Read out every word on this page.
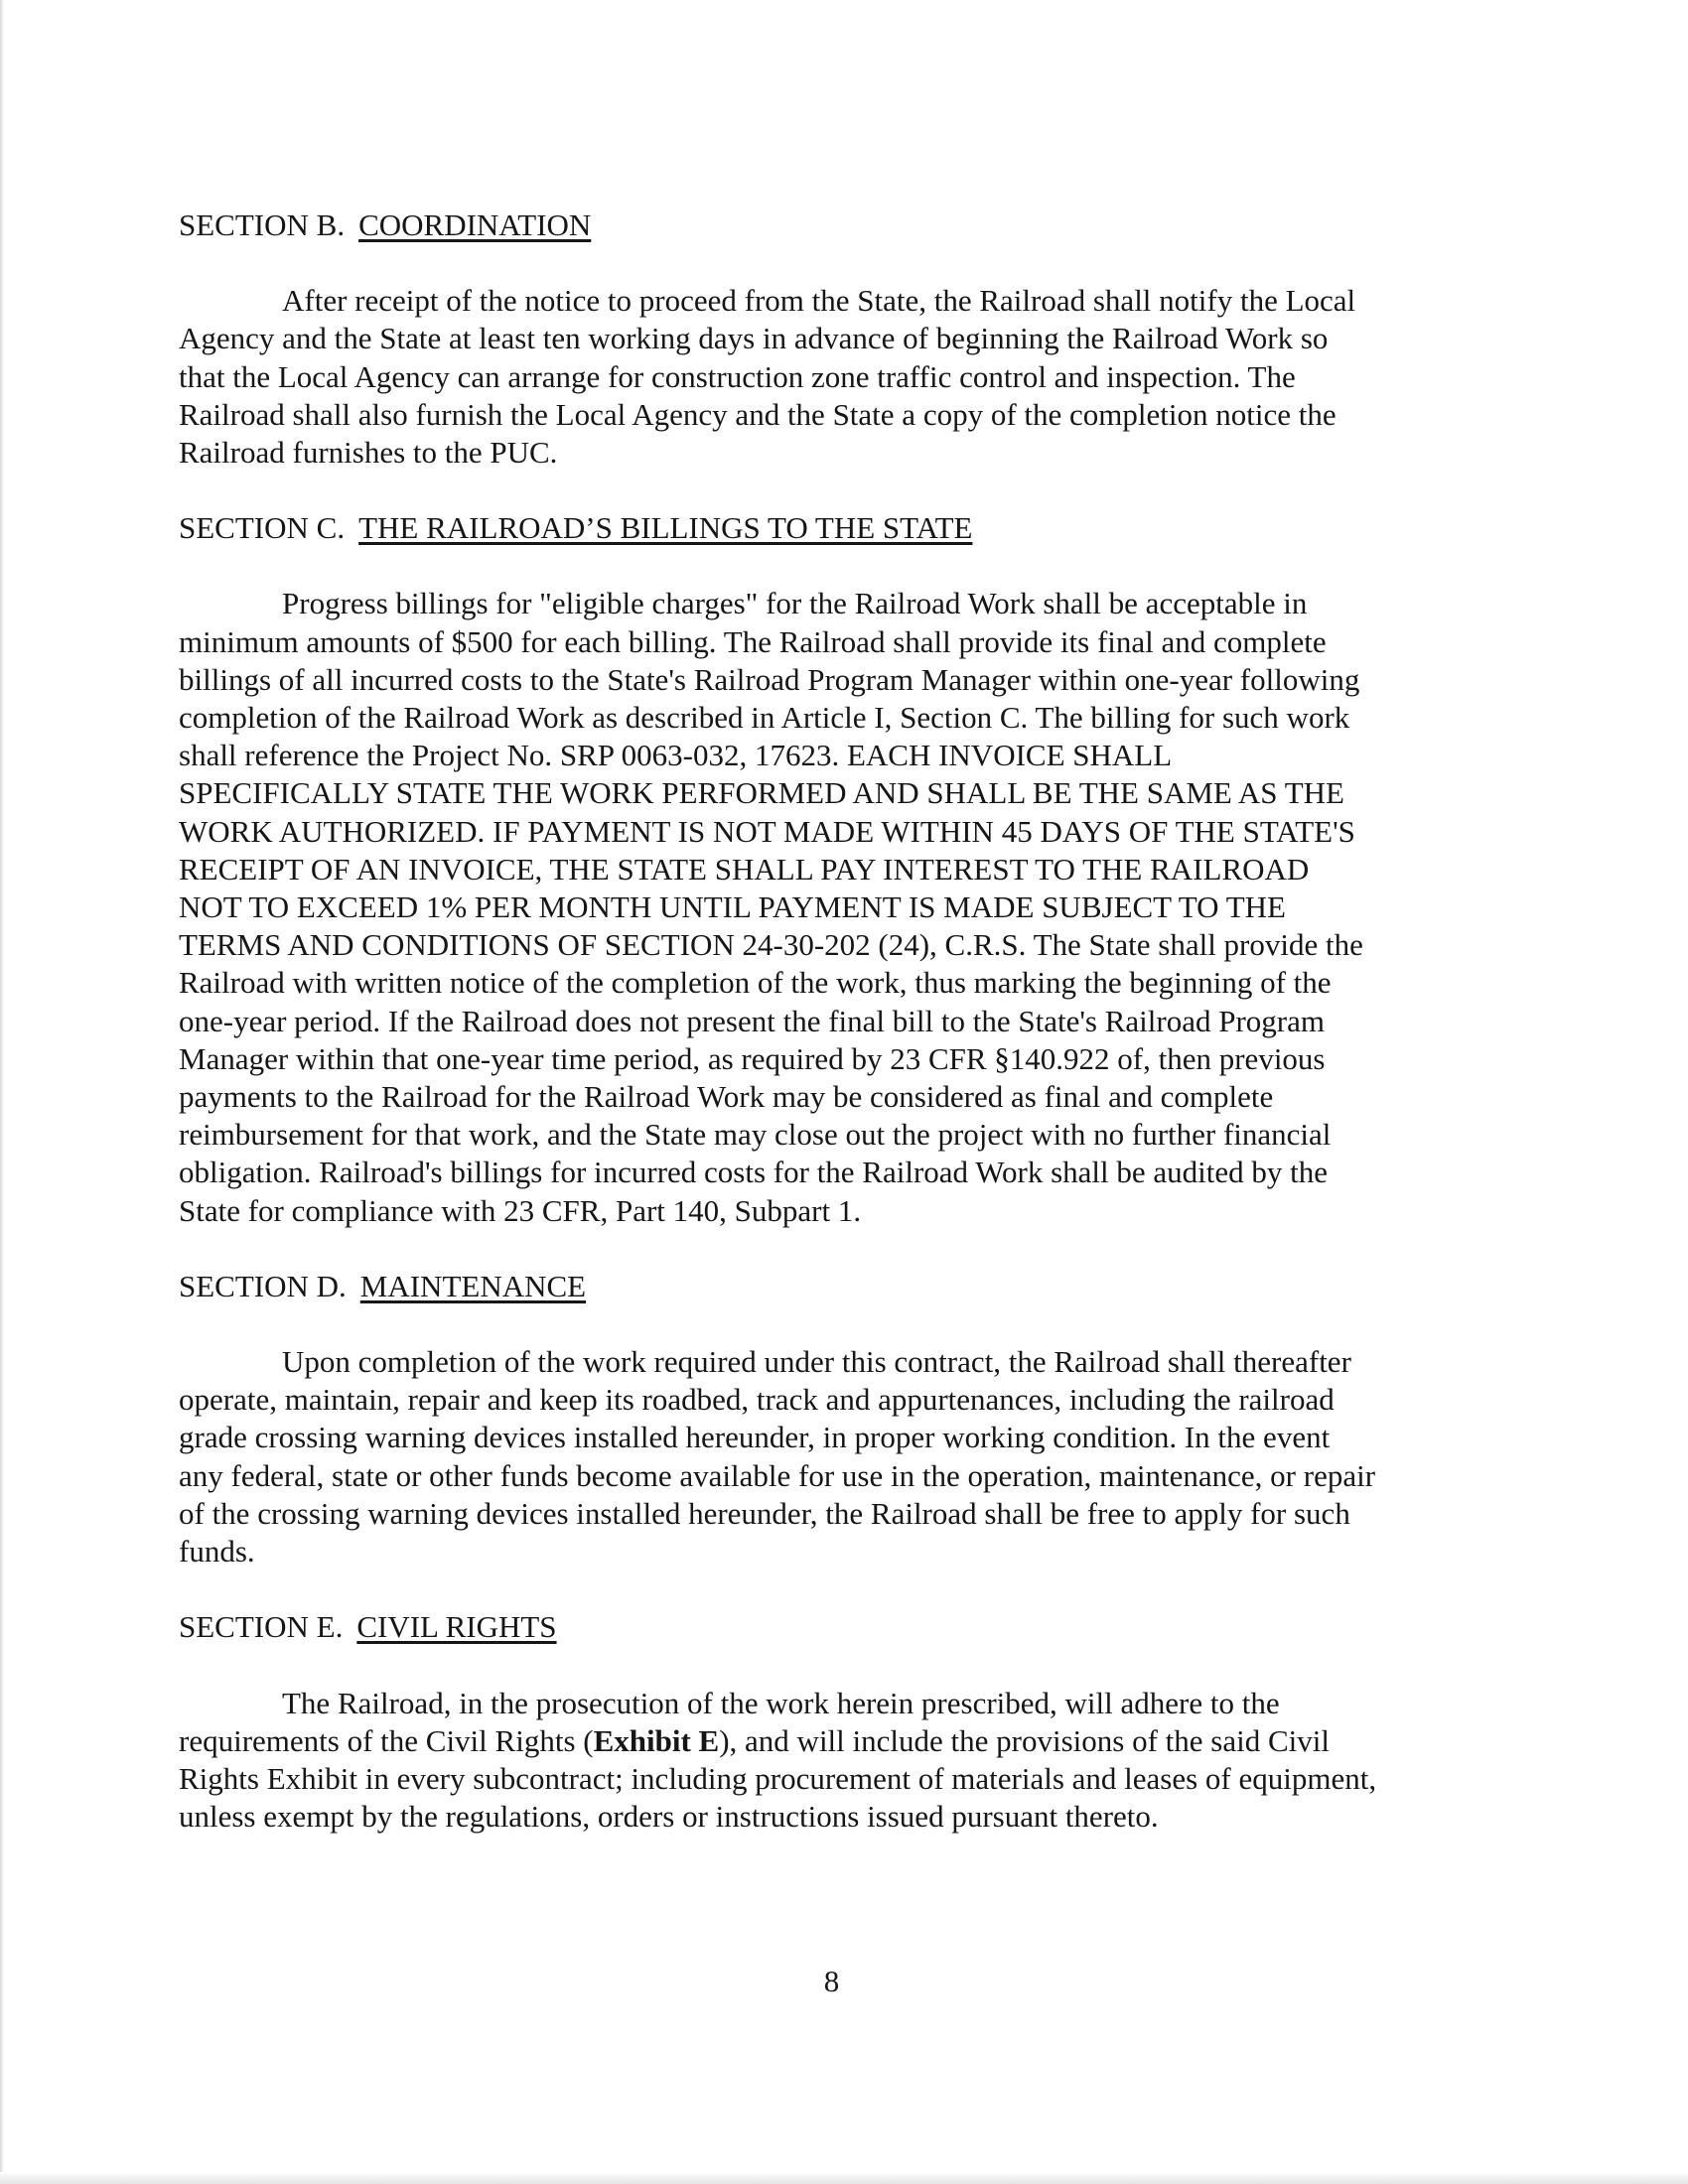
SECTION B. COORDINATION
After receipt of the notice to proceed from the State, the Railroad shall notify the Local
Agency and the State at least ten working days in advance of beginning the Railroad Work so
that the Local Agency can arrange for construction zone traffic control and inspection. The
Railroad shall also furnish the Local Agency and the State a copy of the completion notice the
Railroad furnishes to the PUC.
SECTION C. THE RAILROAD’S BILLINGS TO THE STATE
Progress billings for "eligible charges" for the Railroad Work shall be acceptable in
minimum amounts of $500 for each billing. The Railroad shall provide its final and complete
billings of all incurred costs to the State's Railroad Program Manager within one-year following
completion of the Railroad Work as described in Article I, Section C. The billing for such work
shall reference the Project No. SRP 0063-032, 17623. EACH INVOICE SHALL
SPECIFICALLY STATE THE WORK PERFORMED AND SHALL BE THE SAME AS THE
WORK AUTHORIZED. IF PAYMENT IS NOT MADE WITHIN 45 DAYS OF THE STATE'S
RECEIPT OF AN INVOICE, THE STATE SHALL PAY INTEREST TO THE RAILROAD
NOT TO EXCEED 1% PER MONTH UNTIL PAYMENT IS MADE SUBJECT TO THE
TERMS AND CONDITIONS OF SECTION 24-30-202 (24), C.R.S. The State shall provide the
Railroad with written notice of the completion of the work, thus marking the beginning of the
one-year period. If the Railroad does not present the final bill to the State's Railroad Program
Manager within that one-year time period, as required by 23 CFR §140.922 of, then previous
payments to the Railroad for the Railroad Work may be considered as final and complete
reimbursement for that work, and the State may close out the project with no further financial
obligation. Railroad's billings for incurred costs for the Railroad Work shall be audited by the
State for compliance with 23 CFR, Part 140, Subpart 1.
SECTION D. MAINTENANCE
Upon completion of the work required under this contract, the Railroad shall thereafter
operate, maintain, repair and keep its roadbed, track and appurtenances, including the railroad
grade crossing warning devices installed hereunder, in proper working condition. In the event
any federal, state or other funds become available for use in the operation, maintenance, or repair
of the crossing warning devices installed hereunder, the Railroad shall be free to apply for such
funds.
SECTION E. CIVIL RIGHTS
The Railroad, in the prosecution of the work herein prescribed, will adhere to the
requirements of the Civil Rights (Exhibit E), and will include the provisions of the said Civil
Rights Exhibit in every subcontract; including procurement of materials and leases of equipment,
unless exempt by the regulations, orders or instructions issued pursuant thereto.
8
